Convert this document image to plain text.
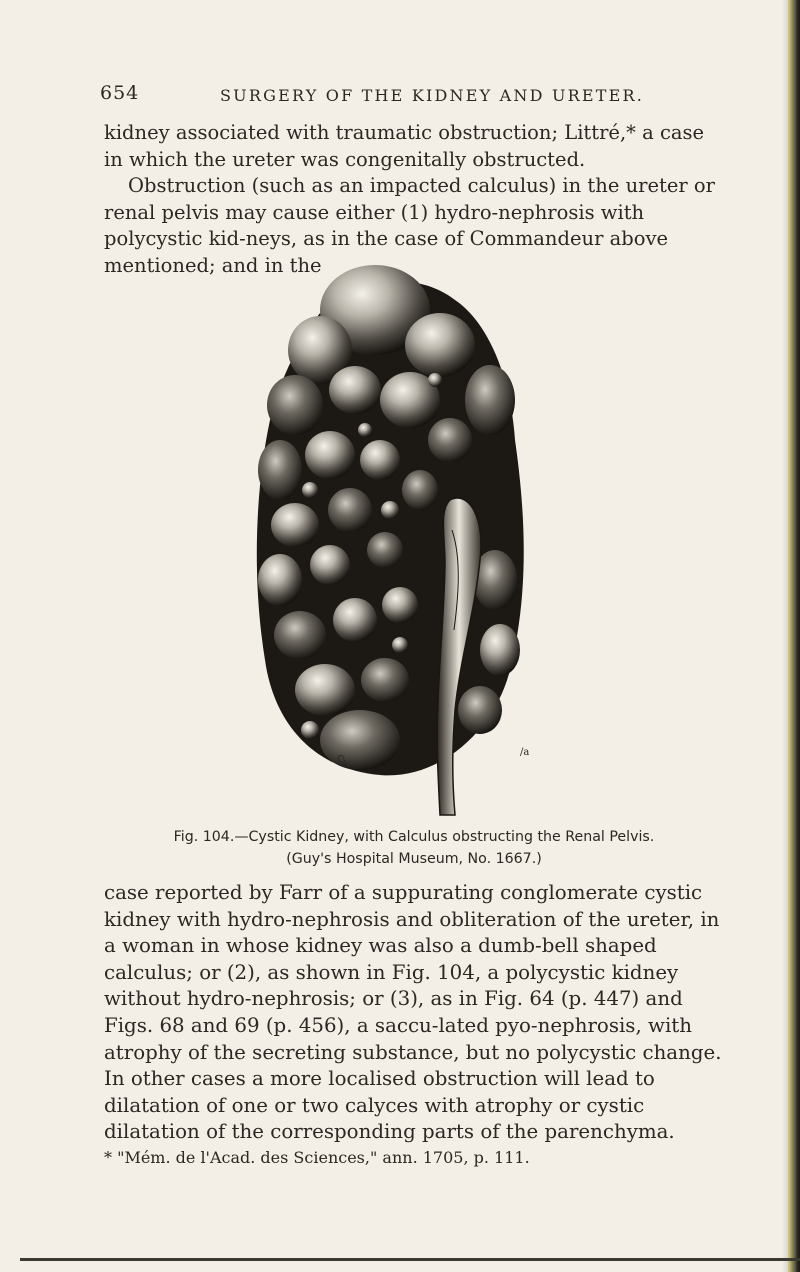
654	SURGERY OF THE KIDNEY AND URETER.

kidney associated with traumatic obstruction; Littré,* a case in which the ureter was congenitally obstructed.

Obstruction (such as an impacted calculus) in the ureter or renal pelvis may cause either (1) hydro-nephrosis with polycystic kid-neys, as in the case of Commandeur above mentioned; and in the

Ca
/a
Fig. 104.—Cystic Kidney, with Calculus obstructing the Renal Pelvis.
(Guy's Hospital Museum, No. 1667.)

case reported by Farr of a suppurating conglomerate cystic kidney with hydro-nephrosis and obliteration of the ureter, in a woman in whose kidney was also a dumb-bell shaped calculus; or (2), as shown in Fig. 104, a polycystic kidney without hydro-nephrosis; or (3), as in Fig. 64 (p. 447) and Figs. 68 and 69 (p. 456), a saccu-lated pyo-nephrosis, with atrophy of the secreting substance, but no polycystic change. In other cases a more localised obstruction will lead to dilatation of one or two calyces with atrophy or cystic dilatation of the corresponding parts of the parenchyma.

* "Mém. de l'Acad. des Sciences," ann. 1705, p. 111.
